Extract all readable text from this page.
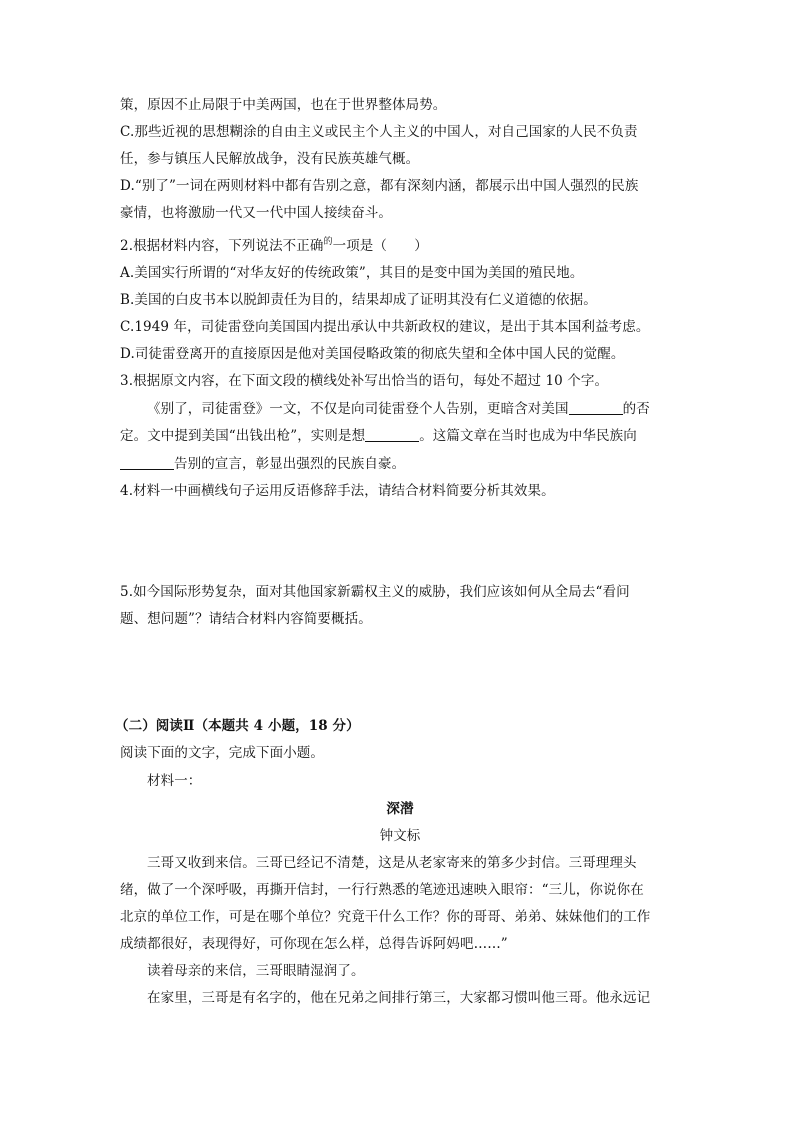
策，原因不止局限于中美两国，也在于世界整体局势。
C.那些近视的思想糊涂的自由主义或民主个人主义的中国人，对自己国家的人民不负责
任，参与镇压人民解放战争，没有民族英雄气概。
D.“别了”一词在两则材料中都有告别之意，都有深刻内涵，都展示出中国人强烈的民族
豪情，也将激励一代又一代中国人接续奋斗。
2.根据材料内容，下列说法不正确$^的$一项是（　　）
A.美国实行所谓的“对华友好的传统政策”，其目的是变中国为美国的殖民地。
B.美国的白皮书本以脱卸责任为目的，结果却成了证明其没有仁义道德的依据。
C.1949 年，司徒雷登向美国国内提出承认中共新政权的建议，是出于其本国利益考虑。
D.司徒雷登离开的直接原因是他对美国侵略政策的彻底失望和全体中国人民的觉醒。
3.根据原文内容，在下面文段的横线处补写出恰当的语句，每处不超过 10 个字。
《别了，司徒雷登》一文，不仅是向司徒雷登个人告别，更暗含对美国	的否
定。文中提到美国“出钱出枪”，实则是想	。这篇文章在当时也成为中华民族向
告别的宣言，彰显出强烈的民族自豪。
4.材料一中画横线句子运用反语修辞手法，请结合材料简要分析其效果。
5.如今国际形势复杂，面对其他国家新霸权主义的威胁，我们应该如何从全局去“看问
题、想问题”？请结合材料内容简要概括。
（二）阅读Ⅱ（本题共 4 小题，18 分）
阅读下面的文字，完成下面小题。
材料一：
深潜
钟文标
三哥又收到来信。三哥已经记不清楚，这是从老家寄来的第多少封信。三哥理理头
绪，做了一个深呼吸，再撕开信封，一行行熟悉的笔迹迅速映入眼帘：“三儿，你说你在
北京的单位工作，可是在哪个单位？究竟干什么工作？你的哥哥、弟弟、妹妹他们的工作
成绩都很好，表现得好，可你现在怎么样，总得告诉阿妈吧……”
读着母亲的来信，三哥眼睛湿润了。
在家里，三哥是有名字的，他在兄弟之间排行第三，大家都习惯叫他三哥。他永远记
